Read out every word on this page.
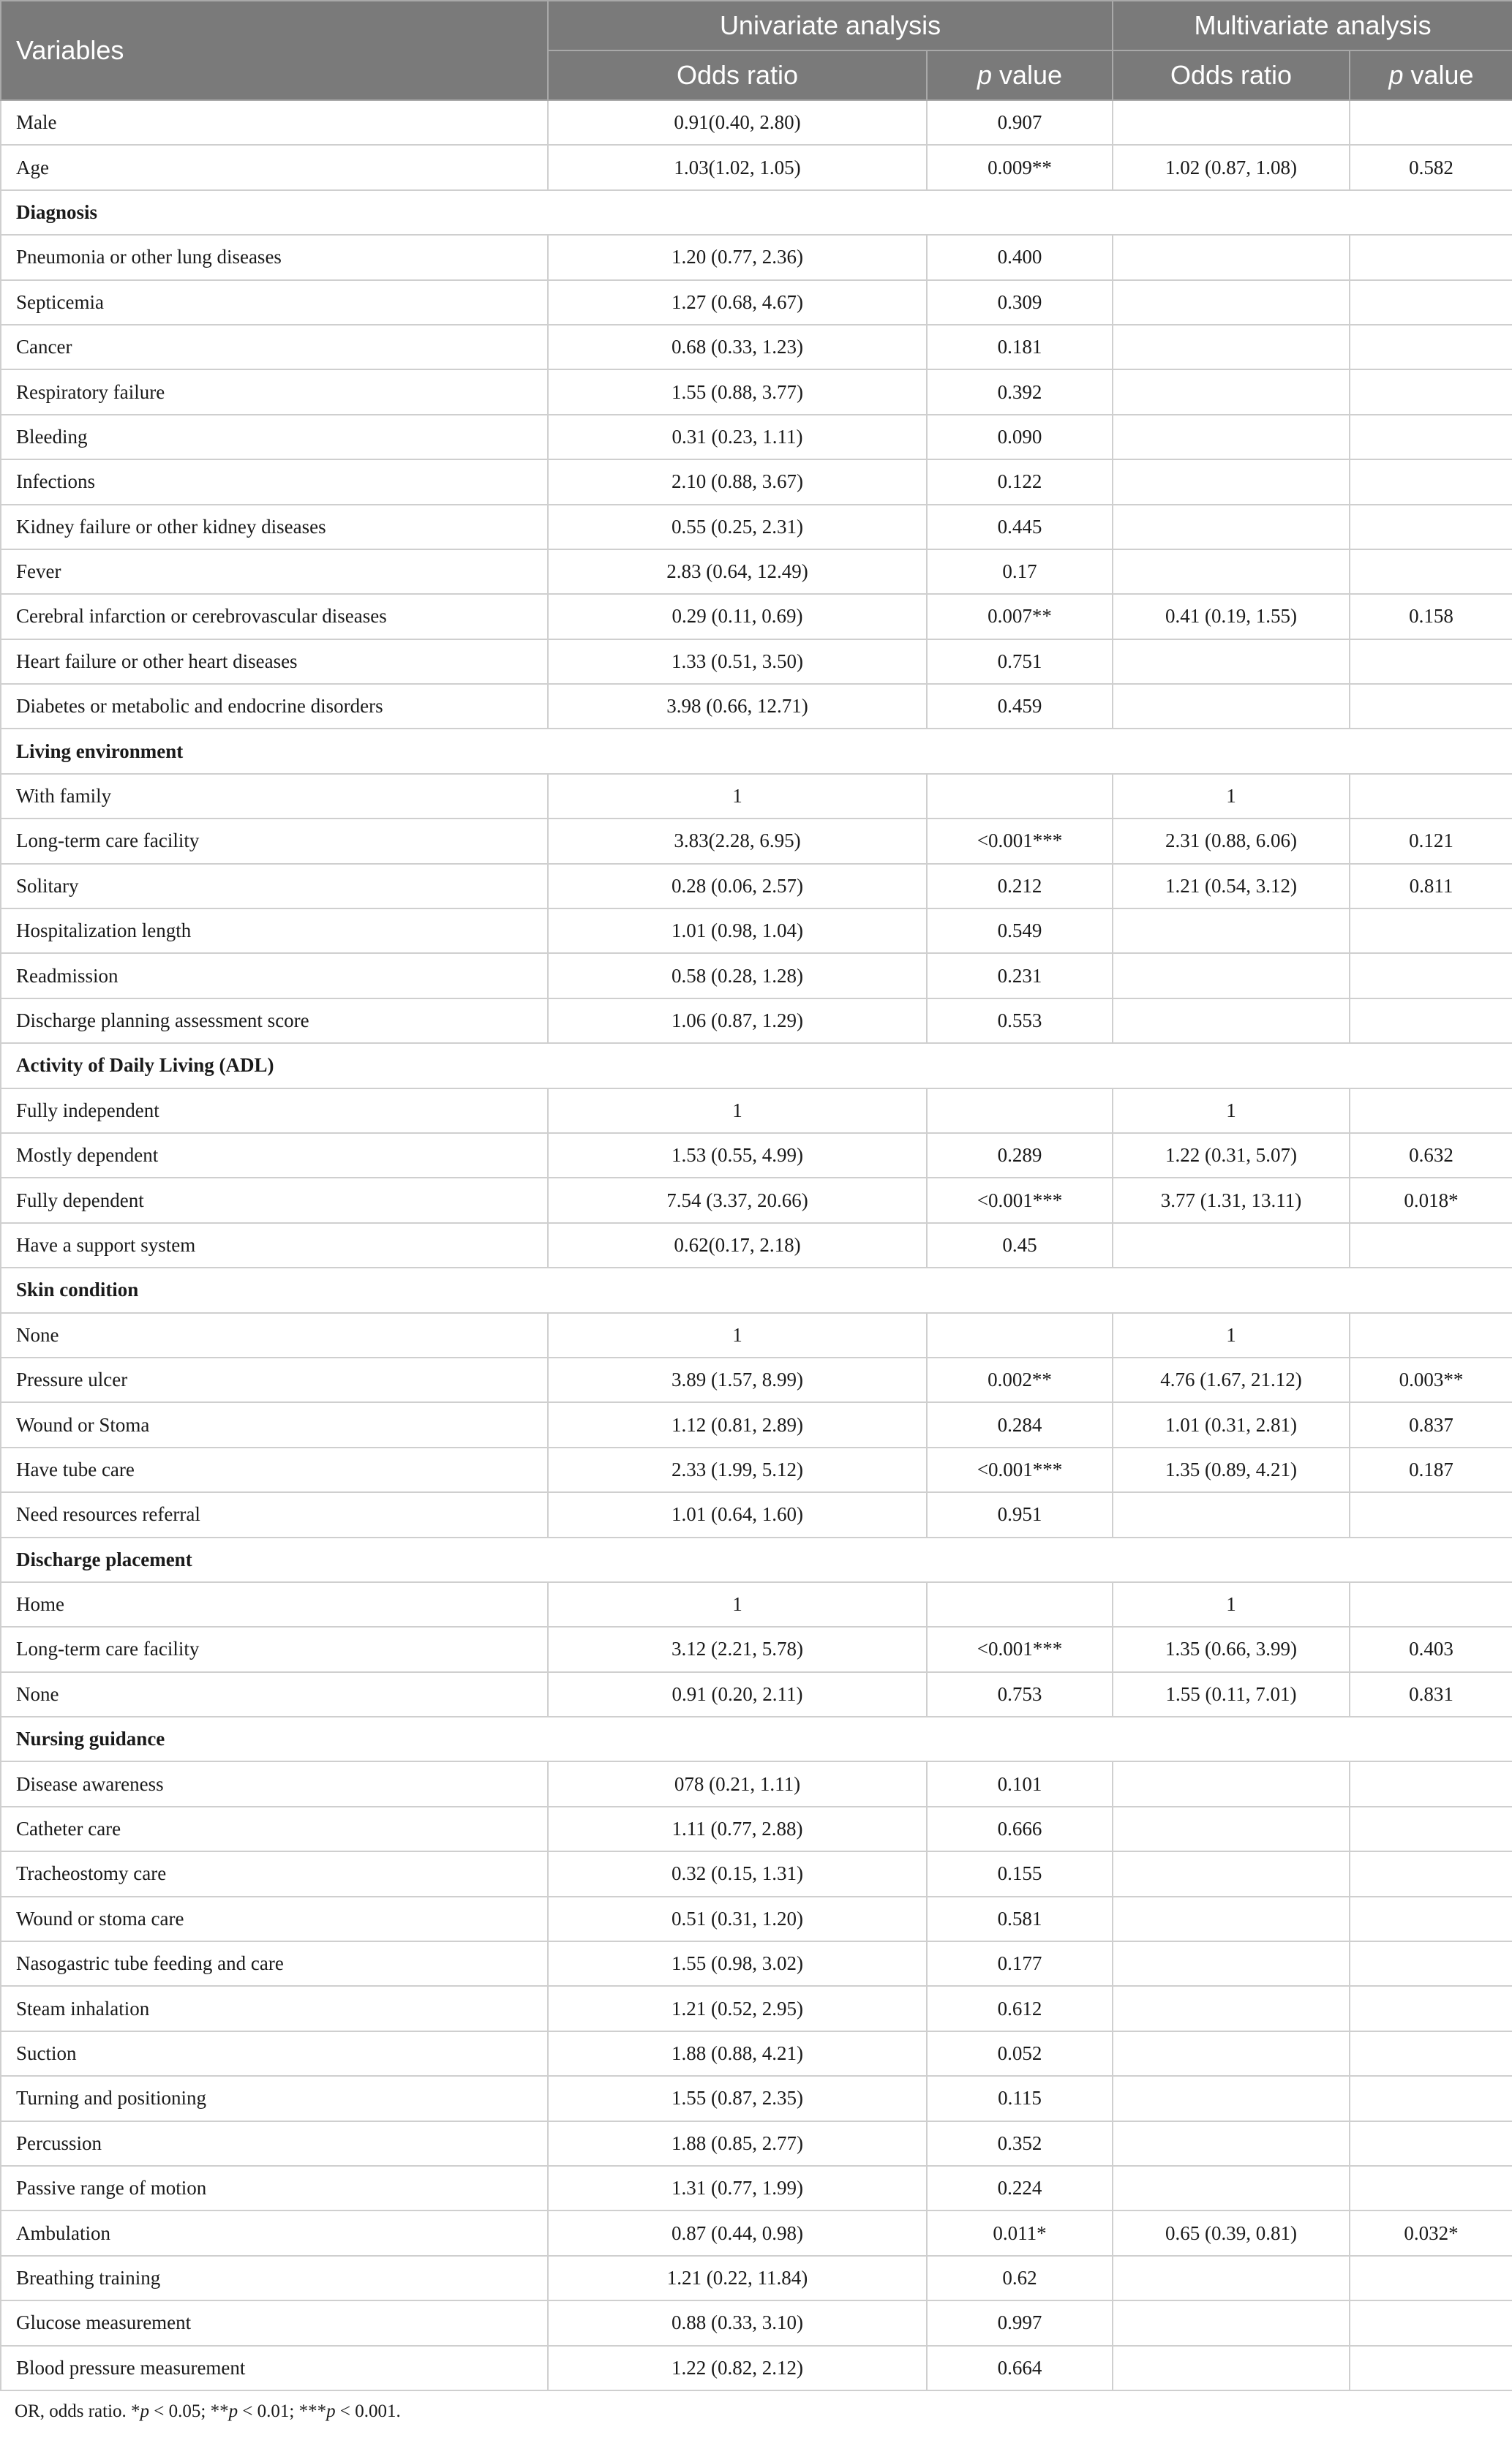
Variables	Univariate analysis		Multivariate analysis	
	Odds ratio	p value	Odds ratio	p value
Male	0.91(0.40, 2.80)	0.907		
Age	1.03(1.02, 1.05)	0.009**	1.02 (0.87, 1.08)	0.582
Diagnosis				
Pneumonia or other lung diseases	1.20 (0.77, 2.36)	0.400		
Septicemia	1.27 (0.68, 4.67)	0.309		
Cancer	0.68 (0.33, 1.23)	0.181		
Respiratory failure	1.55 (0.88, 3.77)	0.392		
Bleeding	0.31 (0.23, 1.11)	0.090		
Infections	2.10 (0.88, 3.67)	0.122		
Kidney failure or other kidney diseases	0.55 (0.25, 2.31)	0.445		
Fever	2.83 (0.64, 12.49)	0.17		
Cerebral infarction or cerebrovascular diseases	0.29 (0.11, 0.69)	0.007**	0.41 (0.19, 1.55)	0.158
Heart failure or other heart diseases	1.33 (0.51, 3.50)	0.751		
Diabetes or metabolic and endocrine disorders	3.98 (0.66, 12.71)	0.459		
Living environment				
With family	1		1	
Long-term care facility	3.83(2.28, 6.95)	<0.001***	2.31 (0.88, 6.06)	0.121
Solitary	0.28 (0.06, 2.57)	0.212	1.21 (0.54, 3.12)	0.811
Hospitalization length	1.01 (0.98, 1.04)	0.549		
Readmission	0.58 (0.28, 1.28)	0.231		
Discharge planning assessment score	1.06 (0.87, 1.29)	0.553		
Activity of Daily Living (ADL)				
Fully independent	1		1	
Mostly dependent	1.53 (0.55, 4.99)	0.289	1.22 (0.31, 5.07)	0.632
Fully dependent	7.54 (3.37, 20.66)	<0.001***	3.77 (1.31, 13.11)	0.018*
Have a support system	0.62(0.17, 2.18)	0.45		
Skin condition				
None	1		1	
Pressure ulcer	3.89 (1.57, 8.99)	0.002**	4.76 (1.67, 21.12)	0.003**
Wound or Stoma	1.12 (0.81, 2.89)	0.284	1.01 (0.31, 2.81)	0.837
Have tube care	2.33 (1.99, 5.12)	<0.001***	1.35 (0.89, 4.21)	0.187
Need resources referral	1.01 (0.64, 1.60)	0.951		
Discharge placement				
Home	1		1	
Long-term care facility	3.12 (2.21, 5.78)	<0.001***	1.35 (0.66, 3.99)	0.403
None	0.91 (0.20, 2.11)	0.753	1.55 (0.11, 7.01)	0.831
Nursing guidance				
Disease awareness	078 (0.21, 1.11)	0.101		
Catheter care	1.11 (0.77, 2.88)	0.666		
Tracheostomy care	0.32 (0.15, 1.31)	0.155		
Wound or stoma care	0.51 (0.31, 1.20)	0.581		
Nasogastric tube feeding and care	1.55 (0.98, 3.02)	0.177		
Steam inhalation	1.21 (0.52, 2.95)	0.612		
Suction	1.88 (0.88, 4.21)	0.052		
Turning and positioning	1.55 (0.87, 2.35)	0.115		
Percussion	1.88 (0.85, 2.77)	0.352		
Passive range of motion	1.31 (0.77, 1.99)	0.224		
Ambulation	0.87 (0.44, 0.98)	0.011*	0.65 (0.39, 0.81)	0.032*
Breathing training	1.21 (0.22, 11.84)	0.62		
Glucose measurement	0.88 (0.33, 3.10)	0.997		
Blood pressure measurement	1.22 (0.82, 2.12)	0.664		
OR, odds ratio. *p < 0.05; **p < 0.01; ***p < 0.001.
